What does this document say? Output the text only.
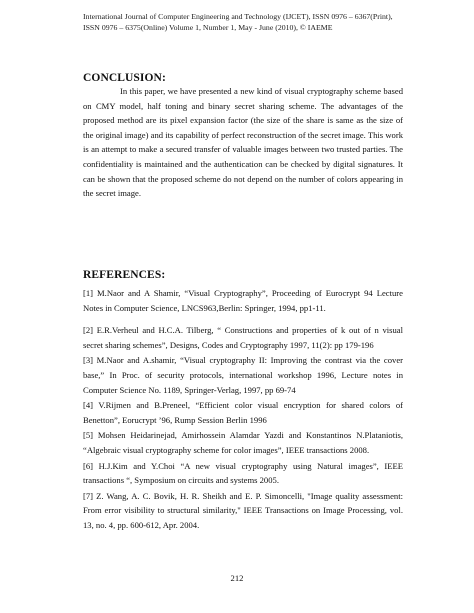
International Journal of Computer Engineering and Technology (IJCET), ISSN 0976 – 6367(Print),
ISSN 0976 – 6375(Online) Volume 1, Number 1, May - June (2010), © IAEME
CONCLUSION:

In this paper, we have presented a new kind of visual cryptography scheme based on CMY model, half toning and binary secret sharing scheme. The advantages of the proposed method are its pixel expansion factor (the size of the share is same as the size of the original image) and its capability of perfect reconstruction of the secret image. This work is an attempt to make a secured transfer of valuable images between two trusted parties. The confidentiality is maintained and the authentication can be checked by digital signatures. It can be shown that the proposed scheme do not depend on the number of colors appearing in the secret image.

REFERENCES:

[1] M.Naor and A Shamir, “Visual Cryptography”, Proceeding of Eurocrypt 94 Lecture Notes in Computer Science, LNCS963,Berlin: Springer, 1994, pp1-11.

[2] E.R.Verheul and H.C.A. Tilberg, “ Constructions and properties of k out of n visual secret sharing schemes”, Designs, Codes and Cryptography 1997, 11(2): pp 179-196

[3] M.Naor and A.shamir, “Visual cryptography II: Improving the contrast via the cover base,” In Proc. of security protocols, international workshop 1996, Lecture notes in Computer Science No. 1189, Springer-Verlag, 1997, pp 69-74

[4] V.Rijmen and B.Preneel, “Efficient color visual encryption for shared colors of Benetton”, Eorucrypt ’96, Rump Session Berlin 1996

[5] Mohsen Heidarinejad, Amirhossein Alamdar Yazdi and Konstantinos N.Plataniotis, “Algebraic visual cryptography scheme for color images”, IEEE transactions 2008.

[6] H.J.Kim and Y.Choi “A new visual cryptography using Natural images”, IEEE transactions “, Symposium on circuits and systems 2005.

[7] Z. Wang, A. C. Bovik, H. R. Sheikh and E. P. Simoncelli, "Image quality assessment: From error visibility to structural similarity," IEEE Transactions on Image Processing, vol. 13, no. 4, pp. 600-612, Apr. 2004.

212
